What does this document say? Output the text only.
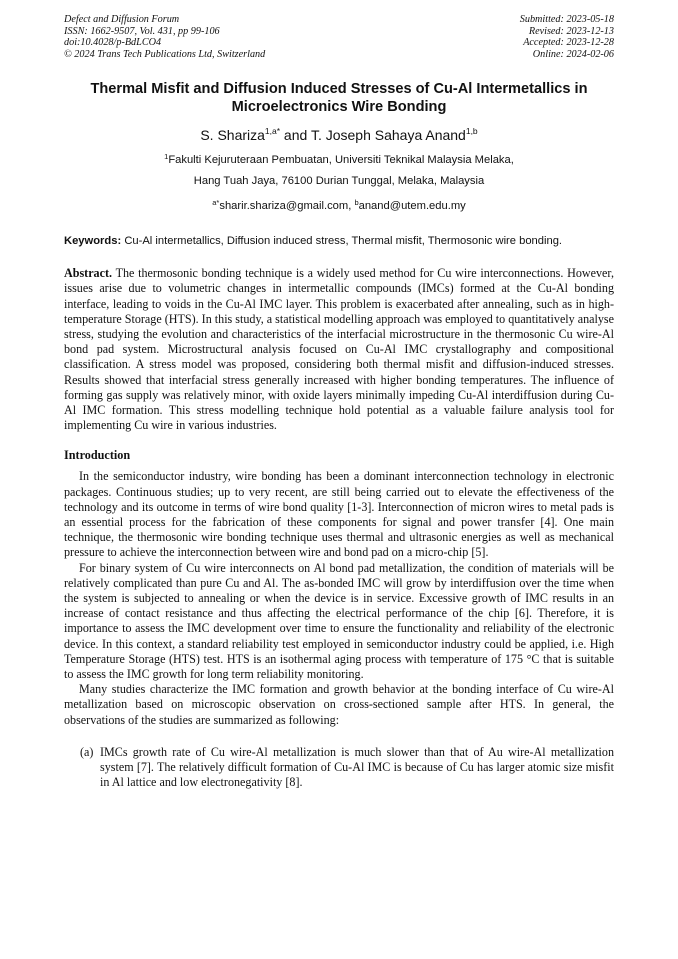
Defect and Diffusion Forum
ISSN: 1662-9507, Vol. 431, pp 99-106
doi:10.4028/p-BdLCO4
© 2024 Trans Tech Publications Ltd, Switzerland
Submitted: 2023-05-18
Revised: 2023-12-13
Accepted: 2023-12-28
Online: 2024-02-06
Thermal Misfit and Diffusion Induced Stresses of Cu-Al Intermetallics in Microelectronics Wire Bonding
S. Shariza$^{1,a*}$ and T. Joseph Sahaya Anand$^{1,b}$
$^1$Fakulti Kejuruteraan Pembuatan, Universiti Teknikal Malaysia Melaka,
Hang Tuah Jaya, 76100 Durian Tunggal, Melaka, Malaysia
$^{a*}$sharir.shariza@gmail.com, $^b$anand@utem.edu.my
Keywords: Cu-Al intermetallics, Diffusion induced stress, Thermal misfit, Thermosonic wire bonding.
Abstract. The thermosonic bonding technique is a widely used method for Cu wire interconnections. However, issues arise due to volumetric changes in intermetallic compounds (IMCs) formed at the Cu-Al bonding interface, leading to voids in the Cu-Al IMC layer. This problem is exacerbated after annealing, such as in high-temperature Storage (HTS). In this study, a statistical modelling approach was employed to quantitatively analyse stress, studying the evolution and characteristics of the interfacial microstructure in the thermosonic Cu wire-Al bond pad system. Microstructural analysis focused on Cu-Al IMC crystallography and compositional classification. A stress model was proposed, considering both thermal misfit and diffusion-induced stresses. Results showed that interfacial stress generally increased with higher bonding temperatures. The influence of forming gas supply was relatively minor, with oxide layers minimally impeding Cu-Al interdiffusion during Cu-Al IMC formation. This stress modelling technique hold potential as a valuable failure analysis tool for implementing Cu wire in various industries.
Introduction

In the semiconductor industry, wire bonding has been a dominant interconnection technology in electronic packages. Continuous studies; up to very recent, are still being carried out to elevate the effectiveness of the technology and its outcome in terms of wire bond quality [1-3]. Interconnection of micron wires to metal pads is an essential process for the fabrication of these components for signal and power transfer [4]. One main technique, the thermosonic wire bonding technique uses thermal and ultrasonic energies as well as mechanical pressure to achieve the interconnection between wire and bond pad on a micro-chip [5].

For binary system of Cu wire interconnects on Al bond pad metallization, the condition of materials will be relatively complicated than pure Cu and Al. The as-bonded IMC will grow by interdiffusion over the time when the system is subjected to annealing or when the device is in service. Excessive growth of IMC results in an increase of contact resistance and thus affecting the electrical performance of the chip [6]. Therefore, it is importance to assess the IMC development over time to ensure the functionality and reliability of the electronic device. In this context, a standard reliability test employed in semiconductor industry could be applied, i.e. High Temperature Storage (HTS) test. HTS is an isothermal aging process with temperature of 175 °C that is suitable to assess the IMC growth for long term reliability monitoring.

Many studies characterize the IMC formation and growth behavior at the bonding interface of Cu wire-Al metallization based on microscopic observation on cross-sectioned sample after HTS. In general, the observations of the studies are summarized as following:

(a) IMCs growth rate of Cu wire-Al metallization is much slower than that of Au wire-Al metallization system [7]. The relatively difficult formation of Cu-Al IMC is because of Cu has larger atomic size misfit in Al lattice and low electronegativity [8].
